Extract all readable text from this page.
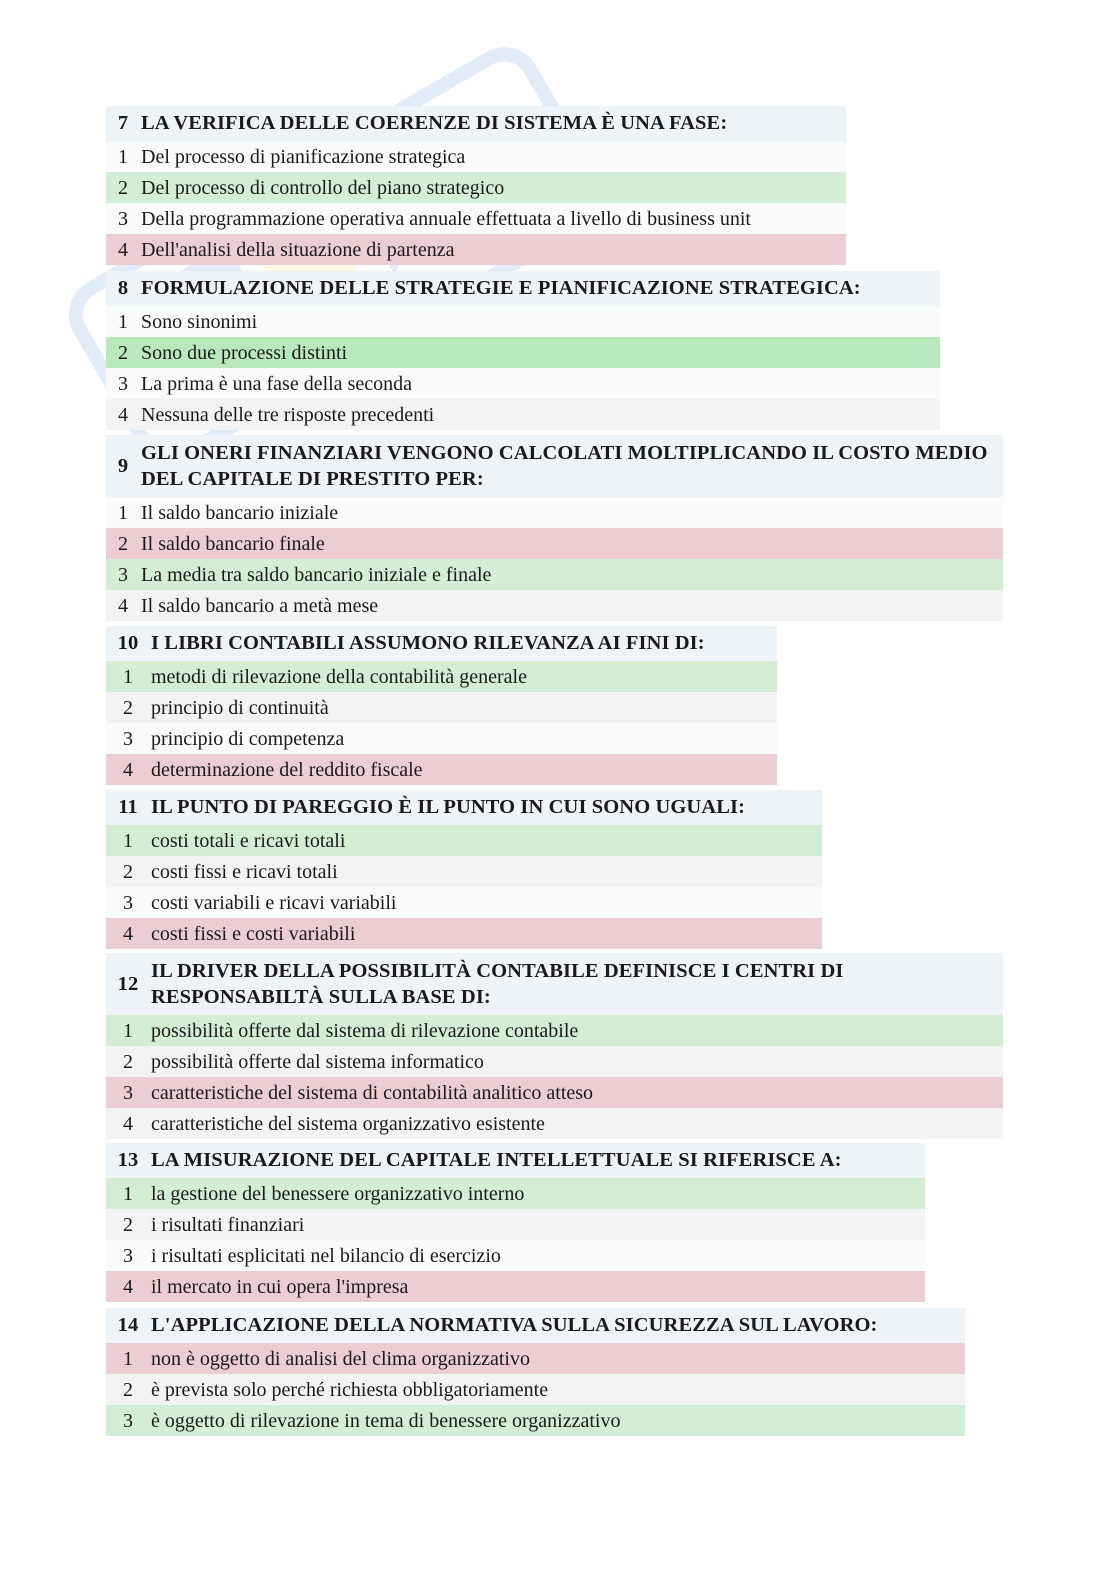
7 LA VERIFICA DELLE COERENZE DI SISTEMA È UNA FASE:
1 Del processo di pianificazione strategica
2 Del processo di controllo del piano strategico
3 Della programmazione operativa annuale effettuata a livello di business unit
4 Dell'analisi della situazione di partenza
8 FORMULAZIONE DELLE STRATEGIE E PIANIFICAZIONE STRATEGICA:
1 Sono sinonimi
2 Sono due processi distinti
3 La prima è una fase della seconda
4 Nessuna delle tre risposte precedenti
9
GLI ONERI FINANZIARI VENGONO CALCOLATI MOLTIPLICANDO IL COSTO MEDIO DEL CAPITALE DI PRESTITO PER:
1 Il saldo bancario iniziale
2 Il saldo bancario finale
3 La media tra saldo bancario iniziale e finale
4 Il saldo bancario a metà mese
10 I LIBRI CONTABILI ASSUMONO RILEVANZA AI FINI DI:
1 metodi di rilevazione della contabilità generale
2 principio di continuità
3 principio di competenza
4 determinazione del reddito fiscale
11 IL PUNTO DI PAREGGIO È IL PUNTO IN CUI SONO UGUALI:
1 costi totali e ricavi totali
2 costi fissi e ricavi totali
3 costi variabili e ricavi variabili
4 costi fissi e costi variabili
12
IL DRIVER DELLA POSSIBILITÀ CONTABILE DEFINISCE I CENTRI DI RESPONSABILTÀ SULLA BASE DI:
1 possibilità offerte dal sistema di rilevazione contabile
2 possibilità offerte dal sistema informatico
3 caratteristiche del sistema di contabilità analitico atteso
4 caratteristiche del sistema organizzativo esistente
13 LA MISURAZIONE DEL CAPITALE INTELLETTUALE SI RIFERISCE A:
1 la gestione del benessere organizzativo interno
2 i risultati finanziari
3 i risultati esplicitati nel bilancio di esercizio
4 il mercato in cui opera l'impresa
14 L'APPLICAZIONE DELLA NORMATIVA SULLA SICUREZZA SUL LAVORO:
1 non è oggetto di analisi del clima organizzativo
2 è prevista solo perché richiesta obbligatoriamente
3 è oggetto di rilevazione in tema di benessere organizzativo
